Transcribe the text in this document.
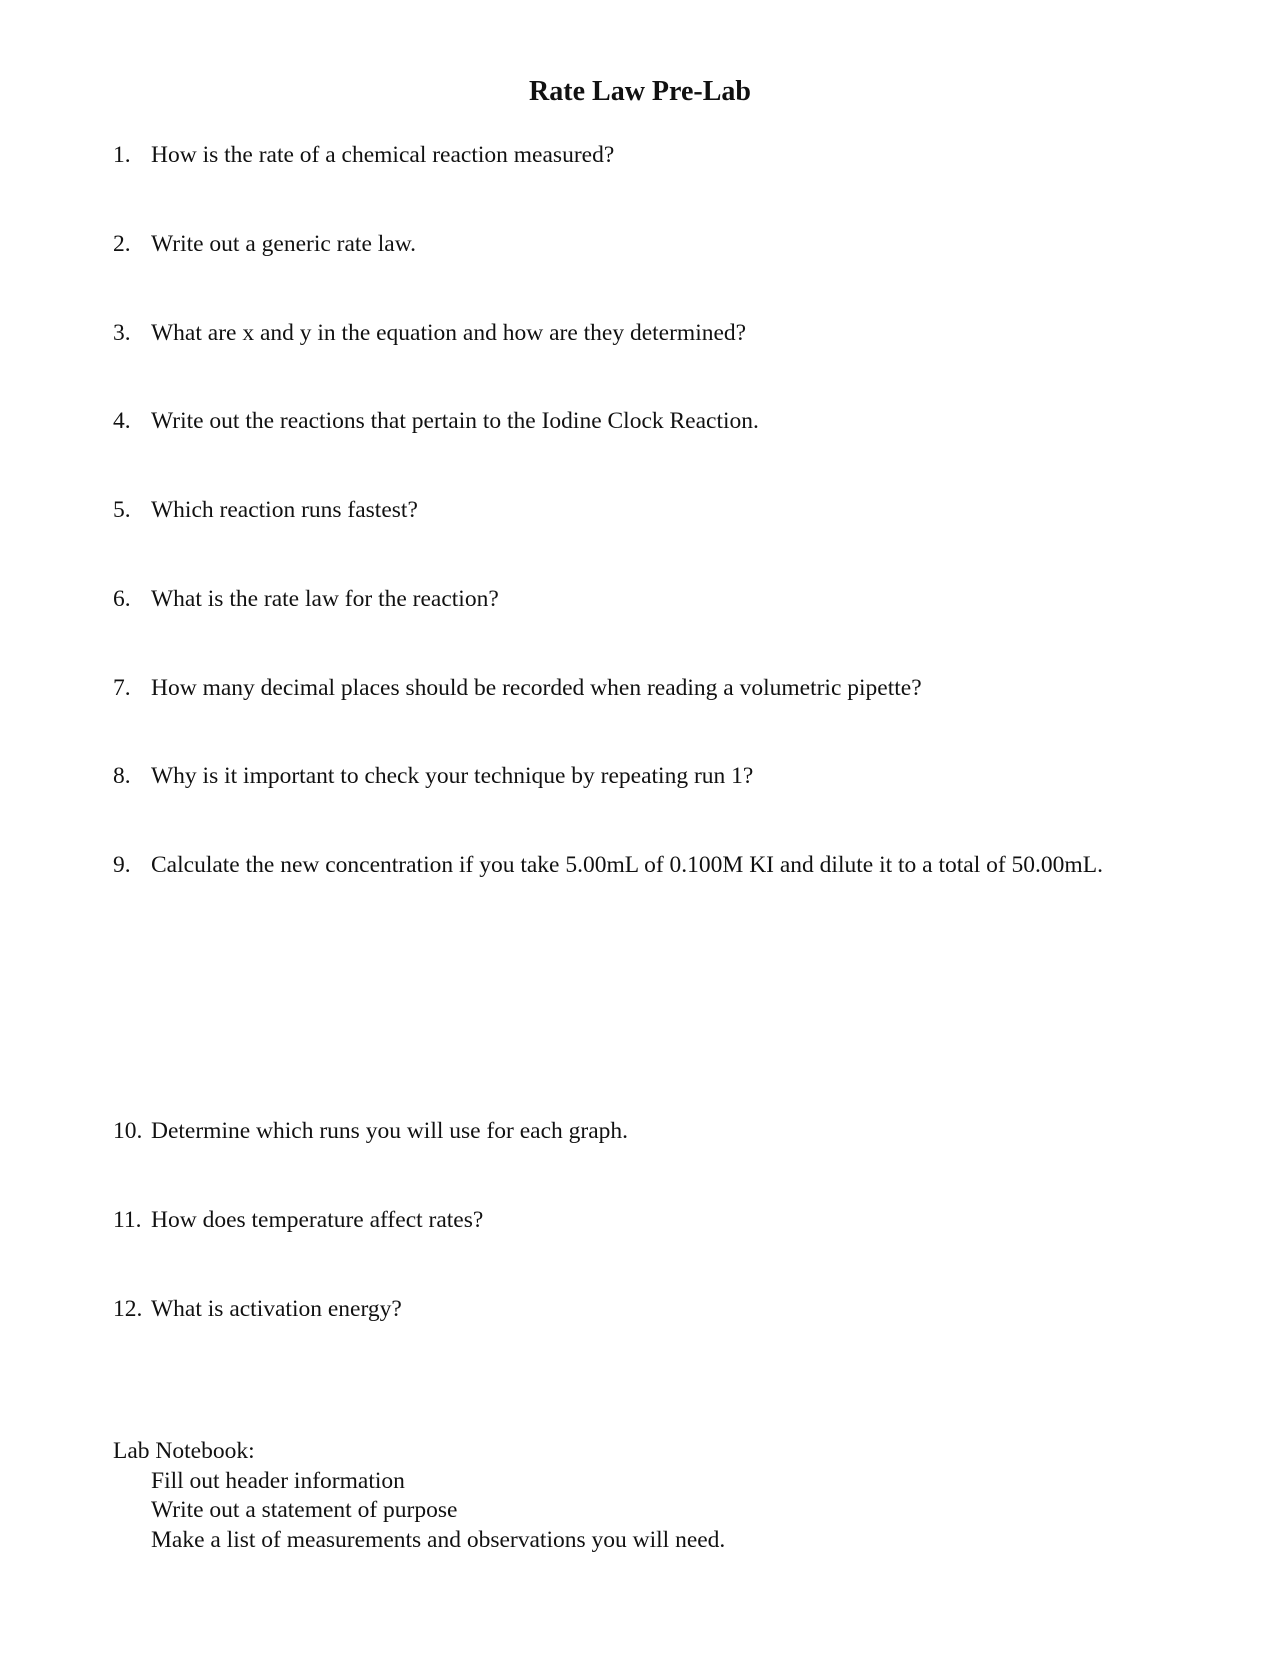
Rate Law Pre-Lab
1. How is the rate of a chemical reaction measured?
2. Write out a generic rate law.
3. What are x and y in the equation and how are they determined?
4. Write out the reactions that pertain to the Iodine Clock Reaction.
5. Which reaction runs fastest?
6. What is the rate law for the reaction?
7. How many decimal places should be recorded when reading a volumetric pipette?
8. Why is it important to check your technique by repeating run 1?
9. Calculate the new concentration if you take 5.00mL of 0.100M KI and dilute it to a total of 50.00mL.
10. Determine which runs you will use for each graph.
11. How does temperature affect rates?
12. What is activation energy?
Lab Notebook:
Fill out header information
Write out a statement of purpose
Make a list of measurements and observations you will need.
